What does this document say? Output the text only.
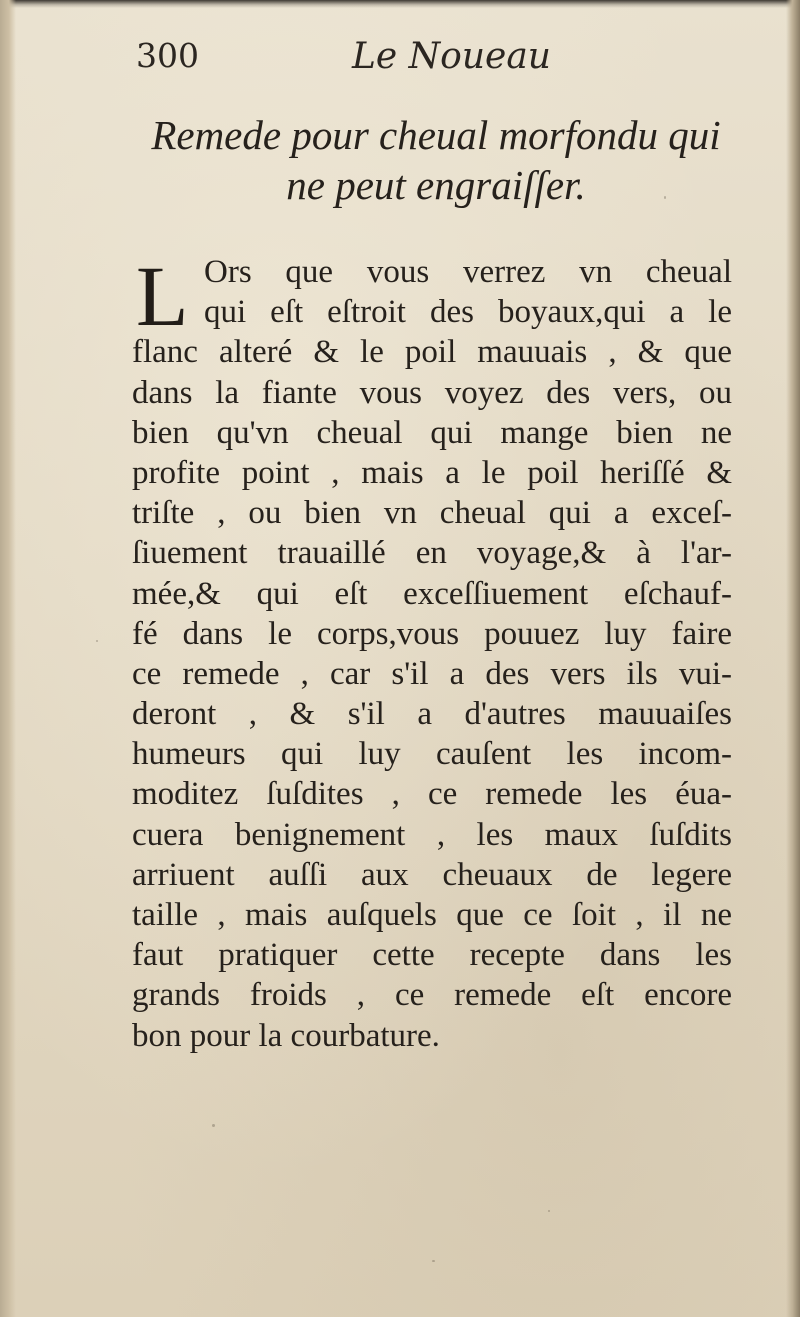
300	Le Noueau
Remede pour cheual morfondu qui
ne peut engraiſſer.
L Ors que vous verrez vn cheual
qui eſt eſtroit des boyaux,qui a le
flanc alteré & le poil mauuais , & que
dans la fiante vous voyez des vers, ou
bien qu'vn cheual qui mange bien ne
profite point , mais a le poil heriſſé &
triſte , ou bien vn cheual qui a exceſ-
ſiuement trauaillé en voyage,& à l'ar-
mée,& qui eſt exceſſiuement eſchauf-
fé dans le corps,vous pouuez luy faire
ce remede , car s'il a des vers ils vui-
deront , & s'il a d'autres mauuaiſes
humeurs qui luy cauſent les incom-
moditez ſuſdites , ce remede les éua-
cuera benignement , les maux ſuſdits
arriuent auſſi aux cheuaux de legere
taille , mais auſquels que ce ſoit , il ne
faut pratiquer cette recepte dans les
grands froids , ce remede eſt encore
bon pour la courbature.
